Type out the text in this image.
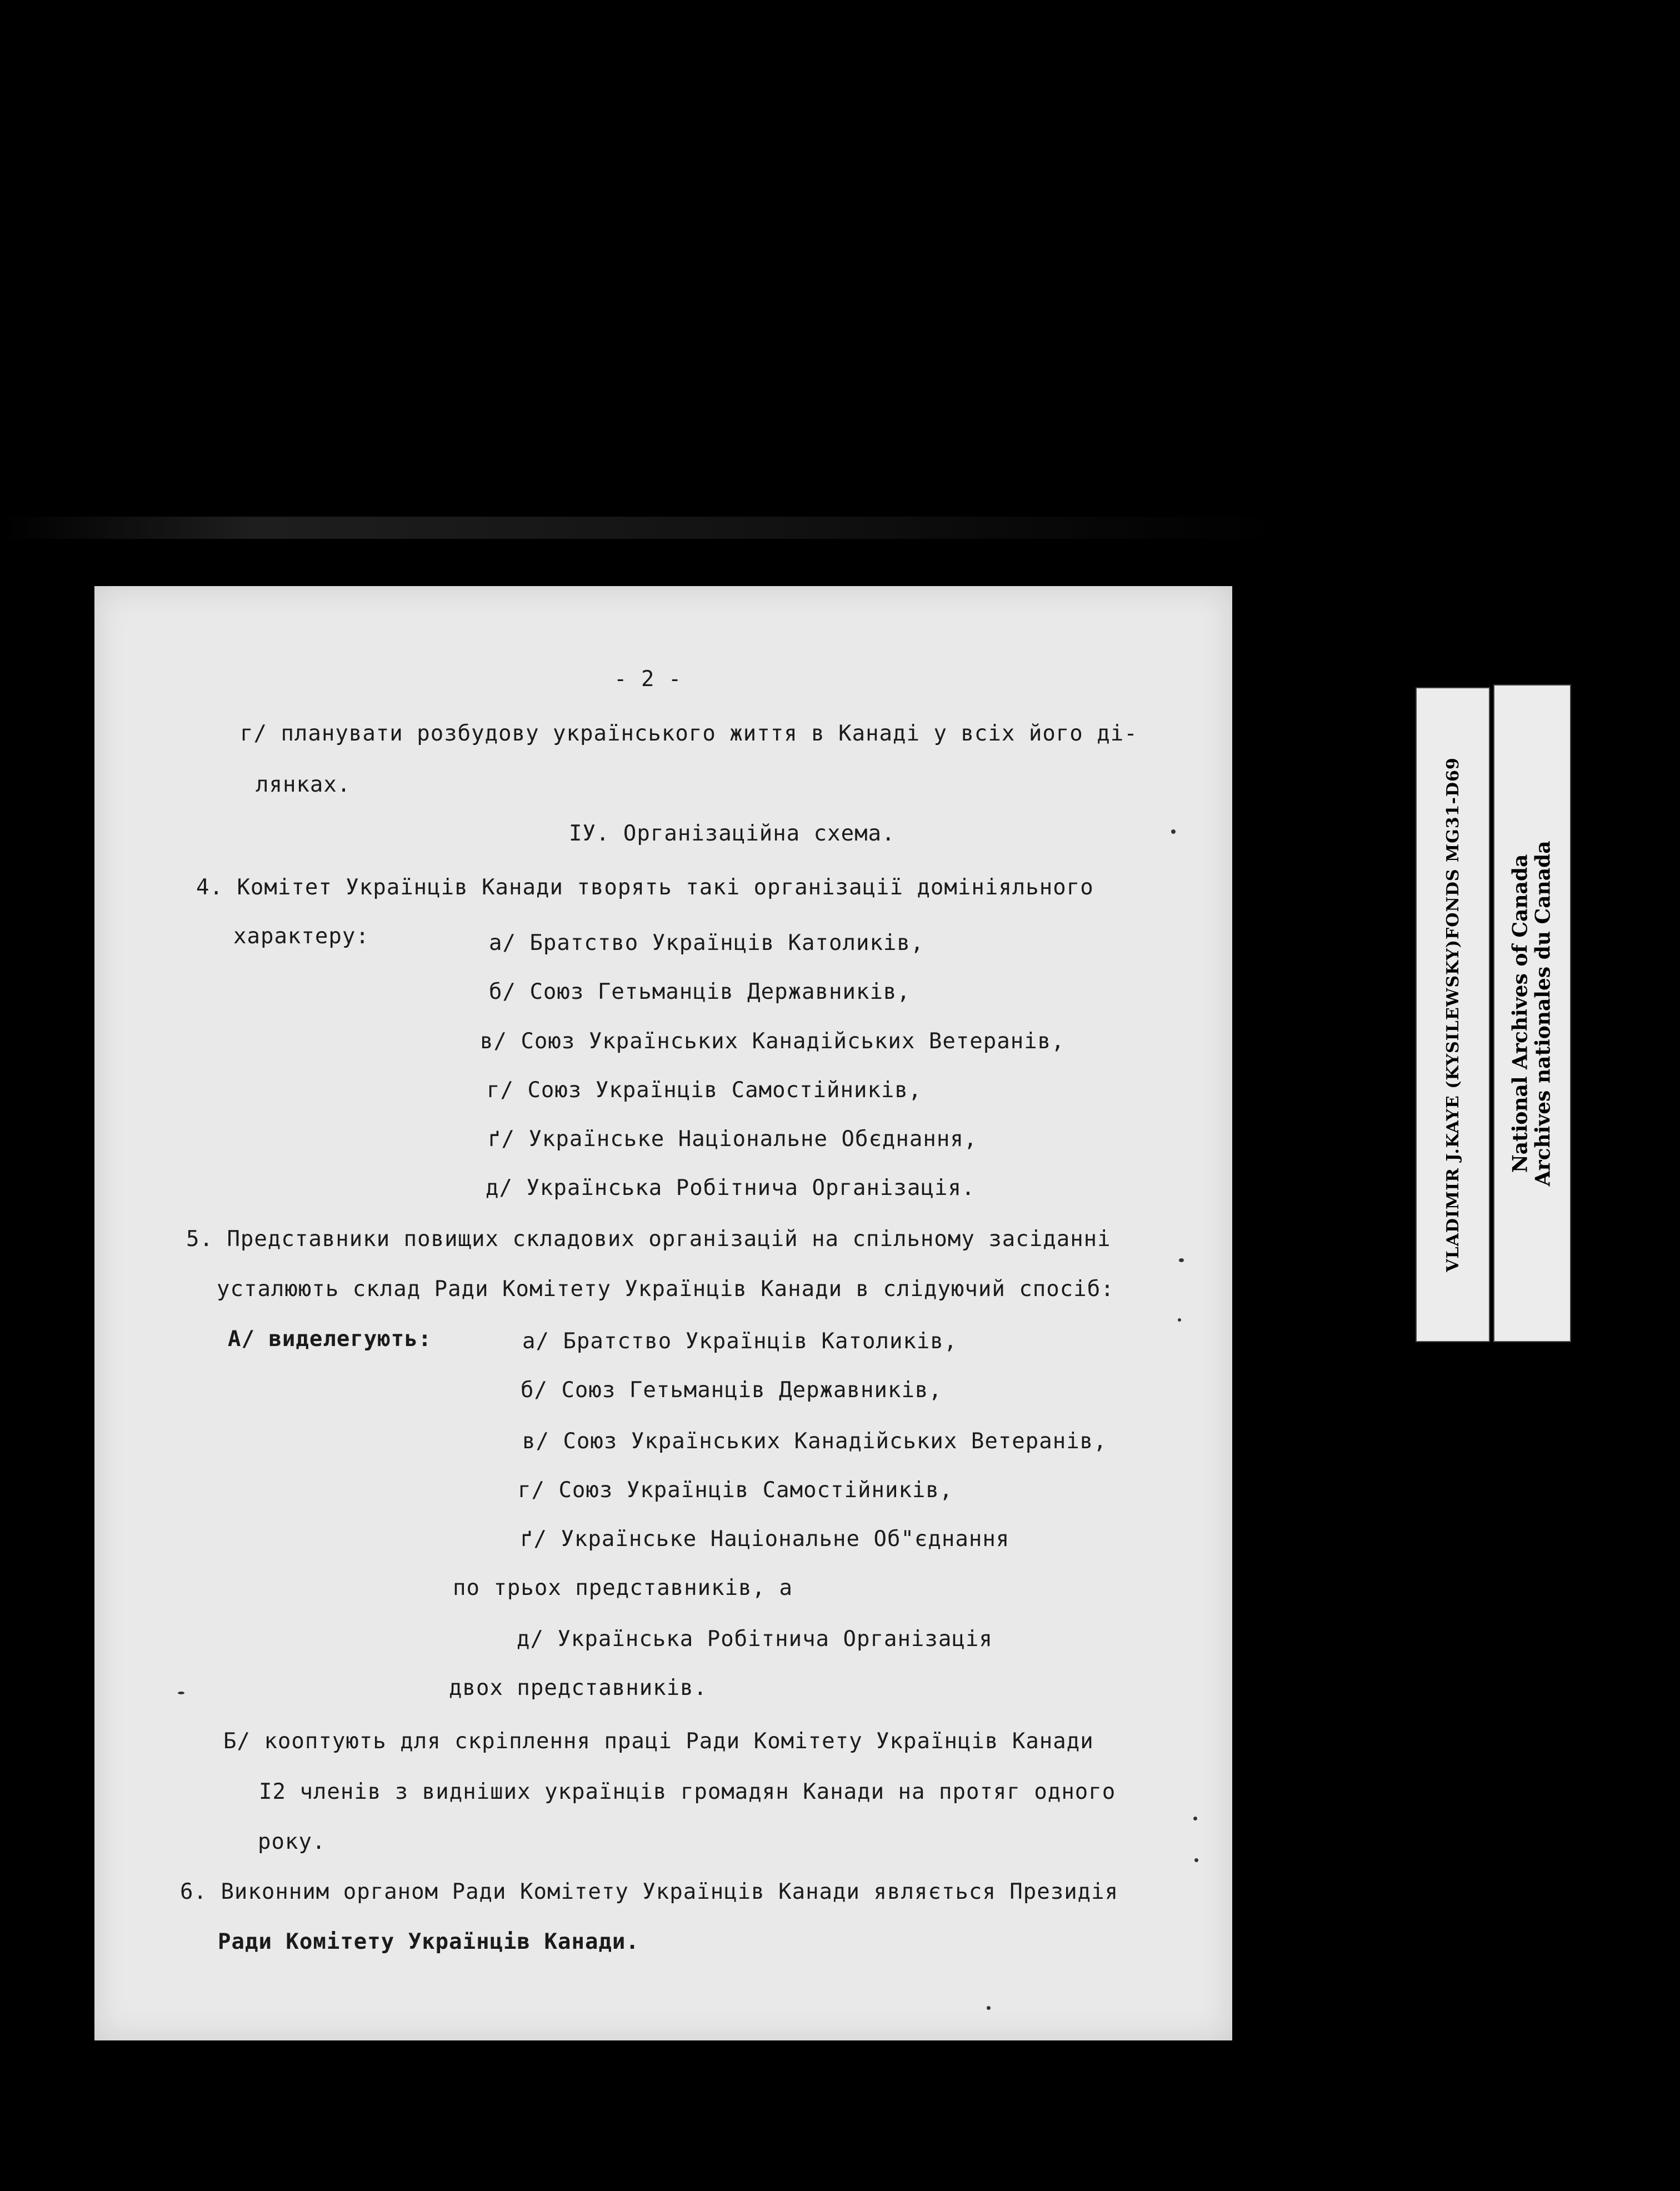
- 2 -

г/ планувати розбудову українського життя в Канаді у всіх його ді-

лянках.

IУ. Організаційна схема.

4. Комітет Українців Канади творять такі організації домініяльного

характеру:	а/ Братство Українців Католиків,

б/ Союз Гетьманців Державників,

в/ Союз Українських Канадійських Ветеранів,

г/ Союз Українців Самостійників,

ґ/ Українське Національне Обєднання,

д/ Українська Робітнича Організація.

5. Представники повищих складових організацій на спільному засіданні

усталюють склад Ради Комітету Українців Канади в слідуючий спосіб:

А/ виделегують:	а/ Братство Українців Католиків,

б/ Союз Гетьманців Державників,

в/ Союз Українських Канадійських Ветеранів,

г/ Союз Українців Самостійників,

ґ/ Українське Національне Об"єднання

по трьох представників, а

д/ Українська Робітнича Організація

двох представників.

Б/ кооптують для скріплення праці Ради Комітету Українців Канади

I2 членів з видніших українців громадян Канади на протяг одного

року.

6. Виконним органом Ради Комітету Українців Канади являється Президія

Ради Комітету Українців Канади.

VLADIMIR J.KAYE (KYSILEWSKY)FONDS MG31-D69 National Archives of Canada
Archives nationales du Canada
